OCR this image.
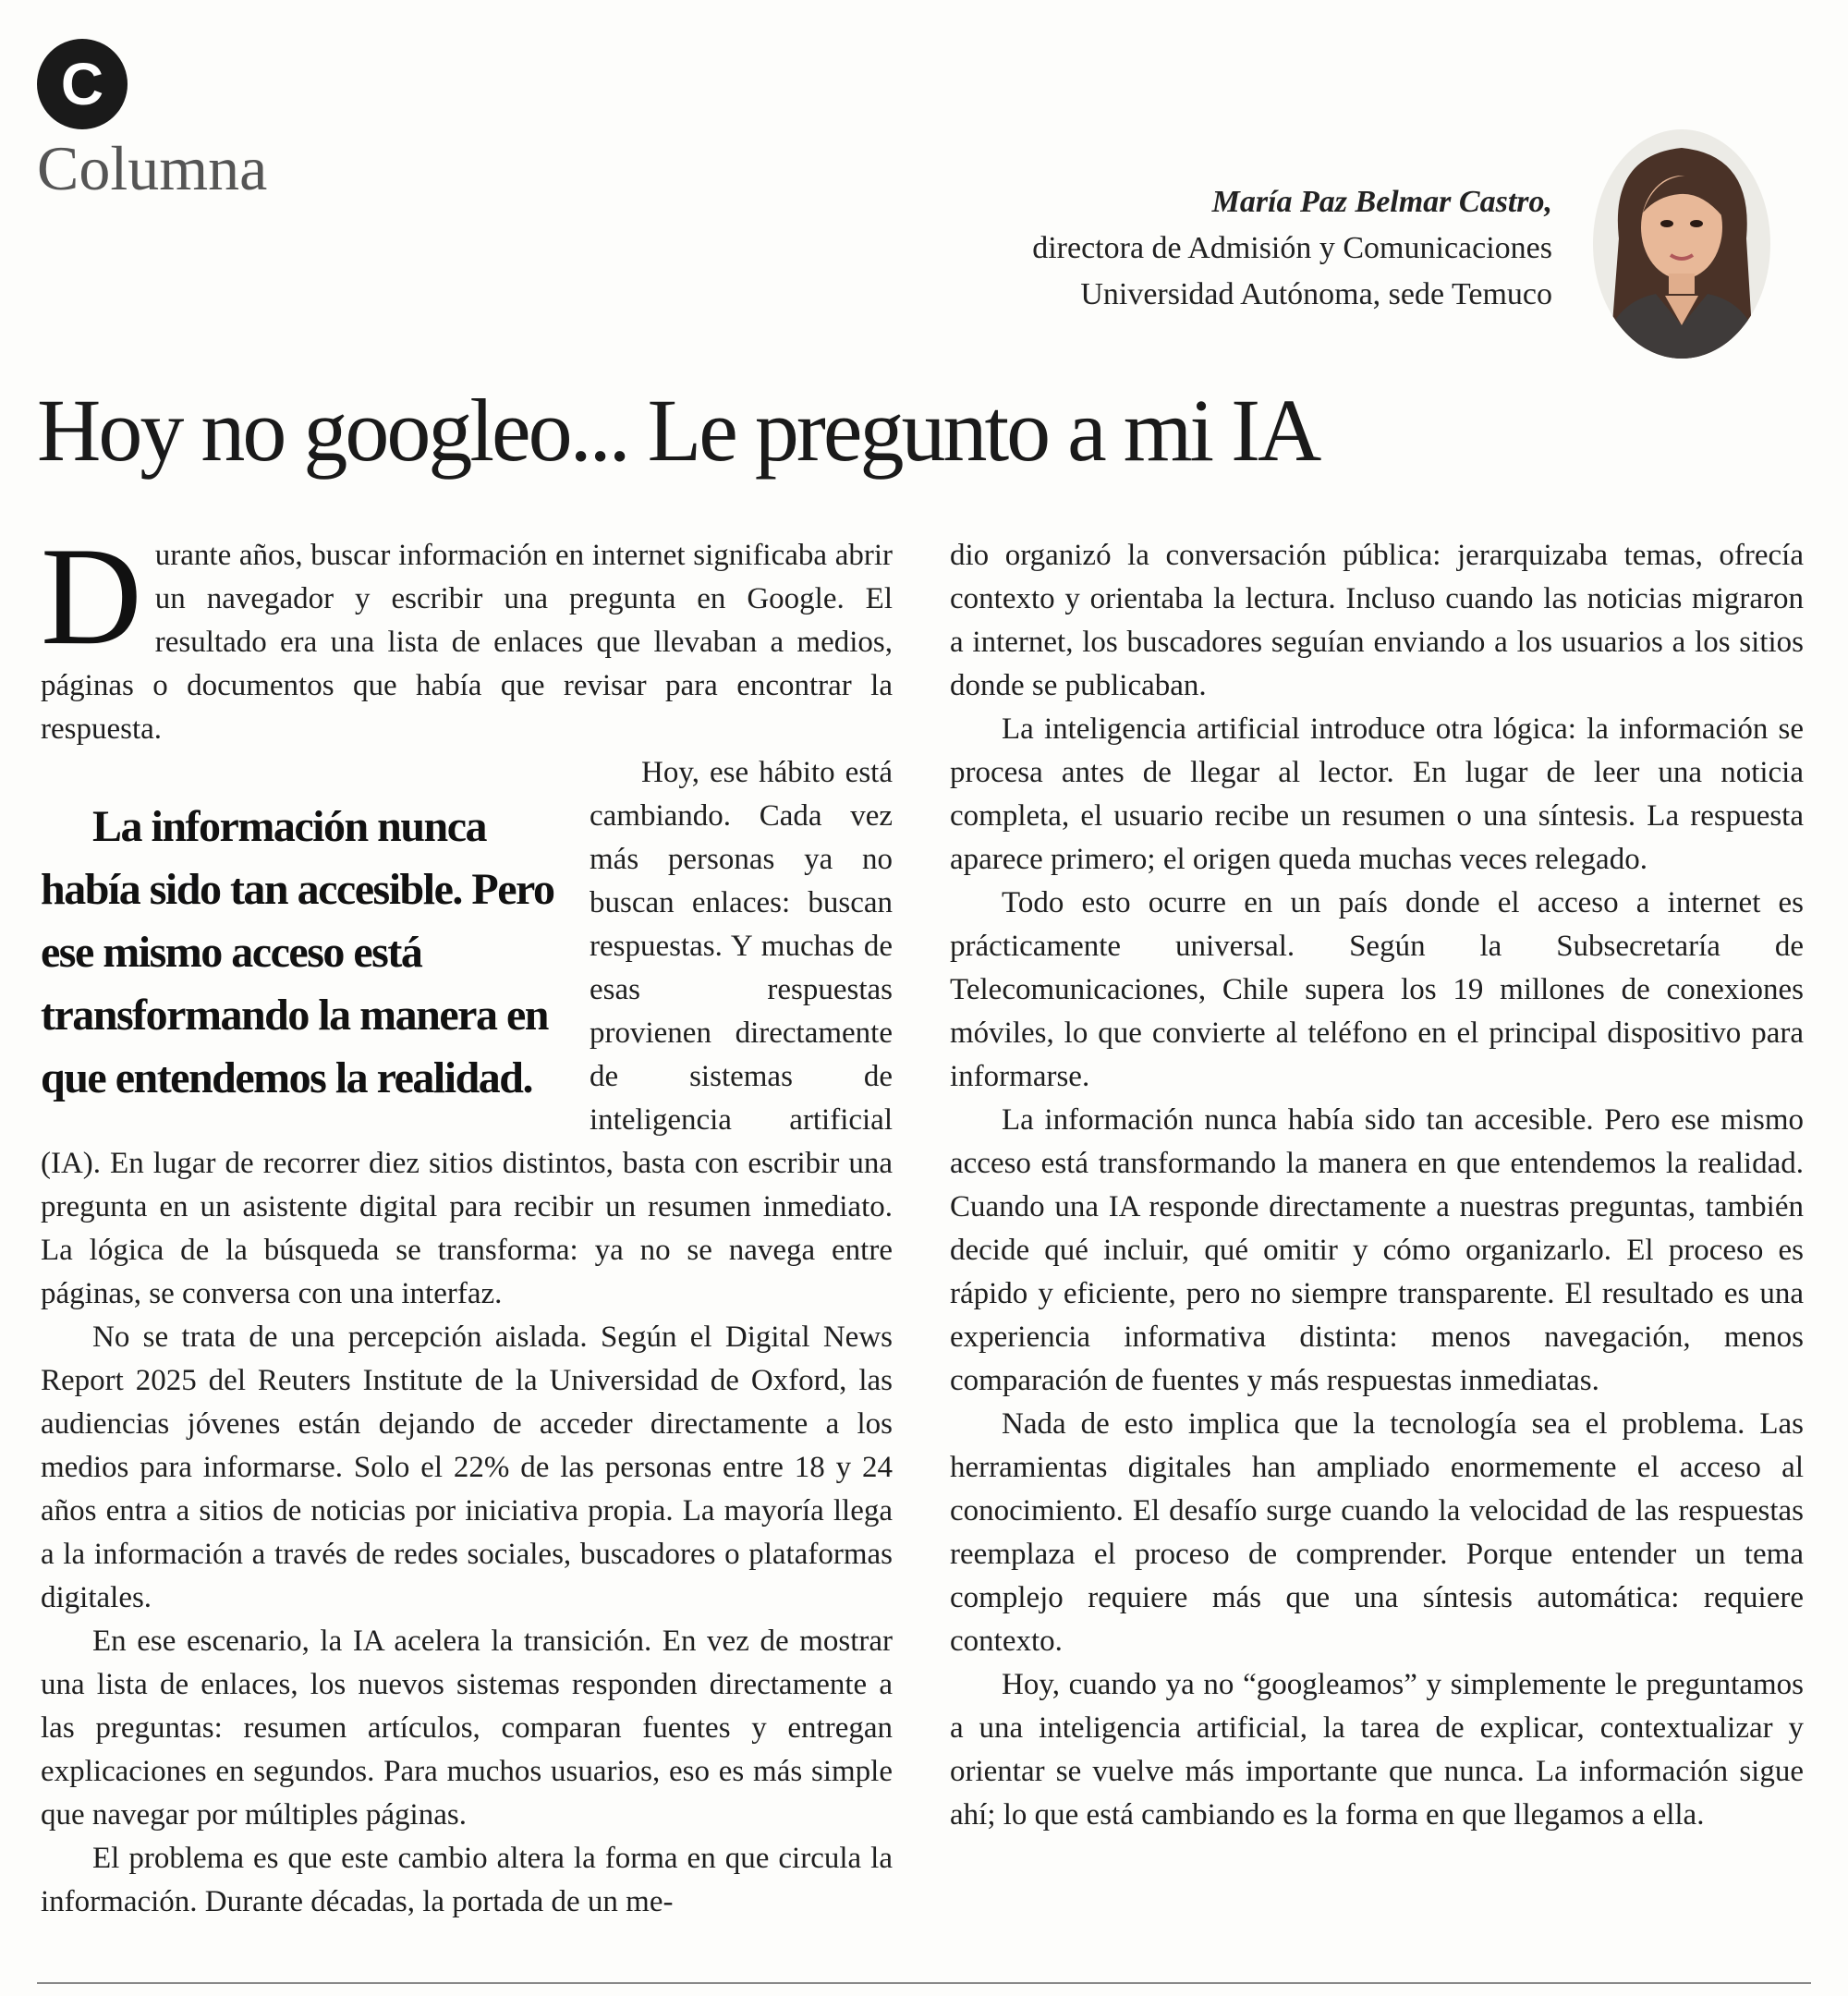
C
Columna	María Paz Belmar Castro,
directora de Admisión y Comunicaciones
Universidad Autónoma, sede Temuco
Hoy no googleo... Le pregunto a mi IA

Durante años, buscar información en internet significaba abrir un navegador y escribir una pregunta en Google. El resultado era una lista de enlaces que llevaban a medios, páginas o documentos que había que revisar para encontrar la respuesta.

La información nunca había sido tan accesible. Pero ese mismo acceso está transformando la manera en que entendemos la realidad.
Hoy, ese hábito está cambiando. Cada vez más personas ya no buscan enlaces: buscan respuestas. Y muchas de esas respuestas provienen directamente de sistemas de inteligencia artificial (IA). En lugar de recorrer diez sitios distintos, basta con escribir una pregunta en un asistente digital para recibir un resumen inmediato. La lógica de la búsqueda se transforma: ya no se navega entre páginas, se conversa con una interfaz.

No se trata de una percepción aislada. Según el Digital News Report 2025 del Reuters Institute de la Universidad de Oxford, las audiencias jóvenes están dejando de acceder directamente a los medios para informarse. Solo el 22% de las personas entre 18 y 24 años entra a sitios de noticias por iniciativa propia. La mayoría llega a la información a través de redes sociales, buscadores o plataformas digitales.

En ese escenario, la IA acelera la transición. En vez de mostrar una lista de enlaces, los nuevos sistemas responden directamente a las preguntas: resumen artículos, comparan fuentes y entregan explicaciones en segundos. Para muchos usuarios, eso es más simple que navegar por múltiples páginas.

El problema es que este cambio altera la forma en que circula la información. Durante décadas, la portada de un me-

dio organizó la conversación pública: jerarquizaba temas, ofrecía contexto y orientaba la lectura. Incluso cuando las noticias migraron a internet, los buscadores seguían enviando a los usuarios a los sitios donde se publicaban.

La inteligencia artificial introduce otra lógica: la información se procesa antes de llegar al lector. En lugar de leer una noticia completa, el usuario recibe un resumen o una síntesis. La respuesta aparece primero; el origen queda muchas veces relegado.

Todo esto ocurre en un país donde el acceso a internet es prácticamente universal. Según la Subsecretaría de Telecomunicaciones, Chile supera los 19 millones de conexiones móviles, lo que convierte al teléfono en el principal dispositivo para informarse.

La información nunca había sido tan accesible. Pero ese mismo acceso está transformando la manera en que entendemos la realidad. Cuando una IA responde directamente a nuestras preguntas, también decide qué incluir, qué omitir y cómo organizarlo. El proceso es rápido y eficiente, pero no siempre transparente. El resultado es una experiencia informativa distinta: menos navegación, menos comparación de fuentes y más respuestas inmediatas.

Nada de esto implica que la tecnología sea el problema. Las herramientas digitales han ampliado enormemente el acceso al conocimiento. El desafío surge cuando la velocidad de las respuestas reemplaza el proceso de comprender. Porque entender un tema complejo requiere más que una síntesis automática: requiere contexto.

Hoy, cuando ya no “googleamos” y simplemente le preguntamos a una inteligencia artificial, la tarea de explicar, contextualizar y orientar se vuelve más importante que nunca. La información sigue ahí; lo que está cambiando es la forma en que llegamos a ella.
